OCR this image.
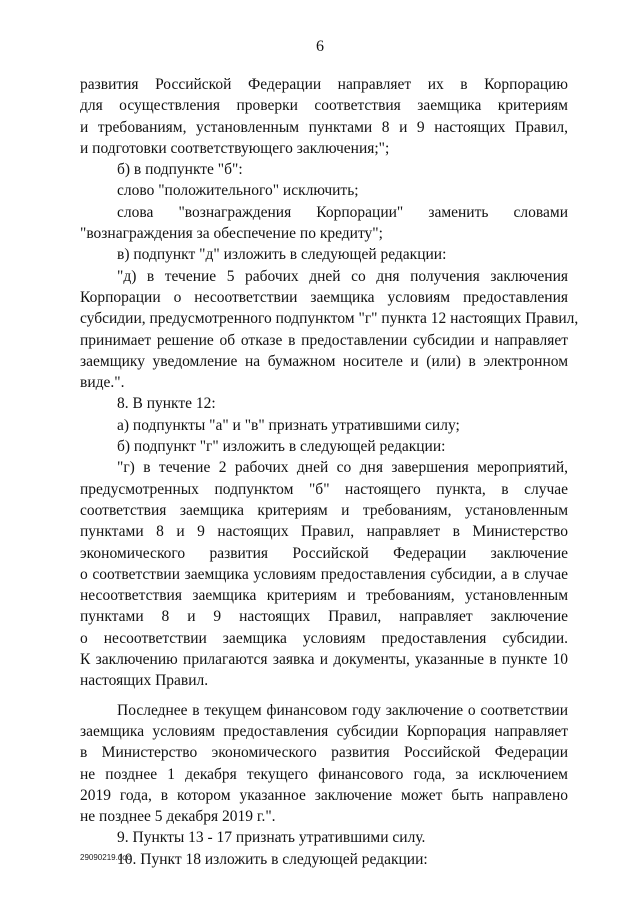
6
развития Российской Федерации направляет их в Корпорацию
для осуществления проверки соответствия заемщика критериям
и требованиям, установленным пунктами 8 и 9 настоящих Правил,
и подготовки соответствующего заключения;";
б) в подпункте "б":
слово "положительного" исключить;
слова "вознаграждения Корпорации" заменить словами
"вознаграждения за обеспечение по кредиту";
в) подпункт "д" изложить в следующей редакции:
"д) в течение 5 рабочих дней со дня получения заключения
Корпорации о несоответствии заемщика условиям предоставления
субсидии, предусмотренного подпунктом "г" пункта 12 настоящих Правил,
принимает решение об отказе в предоставлении субсидии и направляет
заемщику уведомление на бумажном носителе и (или) в электронном
виде.".
8. В пункте 12:
а) подпункты "а" и "в" признать утратившими силу;
б) подпункт "г" изложить в следующей редакции:
"г) в течение 2 рабочих дней со дня завершения мероприятий,
предусмотренных подпунктом "б" настоящего пункта, в случае
соответствия заемщика критериям и требованиям, установленным
пунктами 8 и 9 настоящих Правил, направляет в Министерство
экономического развития Российской Федерации заключение
о соответствии заемщика условиям предоставления субсидии, а в случае
несоответствия заемщика критериям и требованиям, установленным
пунктами 8 и 9 настоящих Правил, направляет заключение
о несоответствии заемщика условиям предоставления субсидии.
К заключению прилагаются заявка и документы, указанные в пункте 10
настоящих Правил.
Последнее в текущем финансовом году заключение о соответствии
заемщика условиям предоставления субсидии Корпорация направляет
в Министерство экономического развития Российской Федерации
не позднее 1 декабря текущего финансового года, за исключением
2019 года, в котором указанное заключение может быть направлено
не позднее 5 декабря 2019 г.".
9. Пункты 13 - 17 признать утратившими силу.
10. Пункт 18 изложить в следующей редакции:
29090219.doc
